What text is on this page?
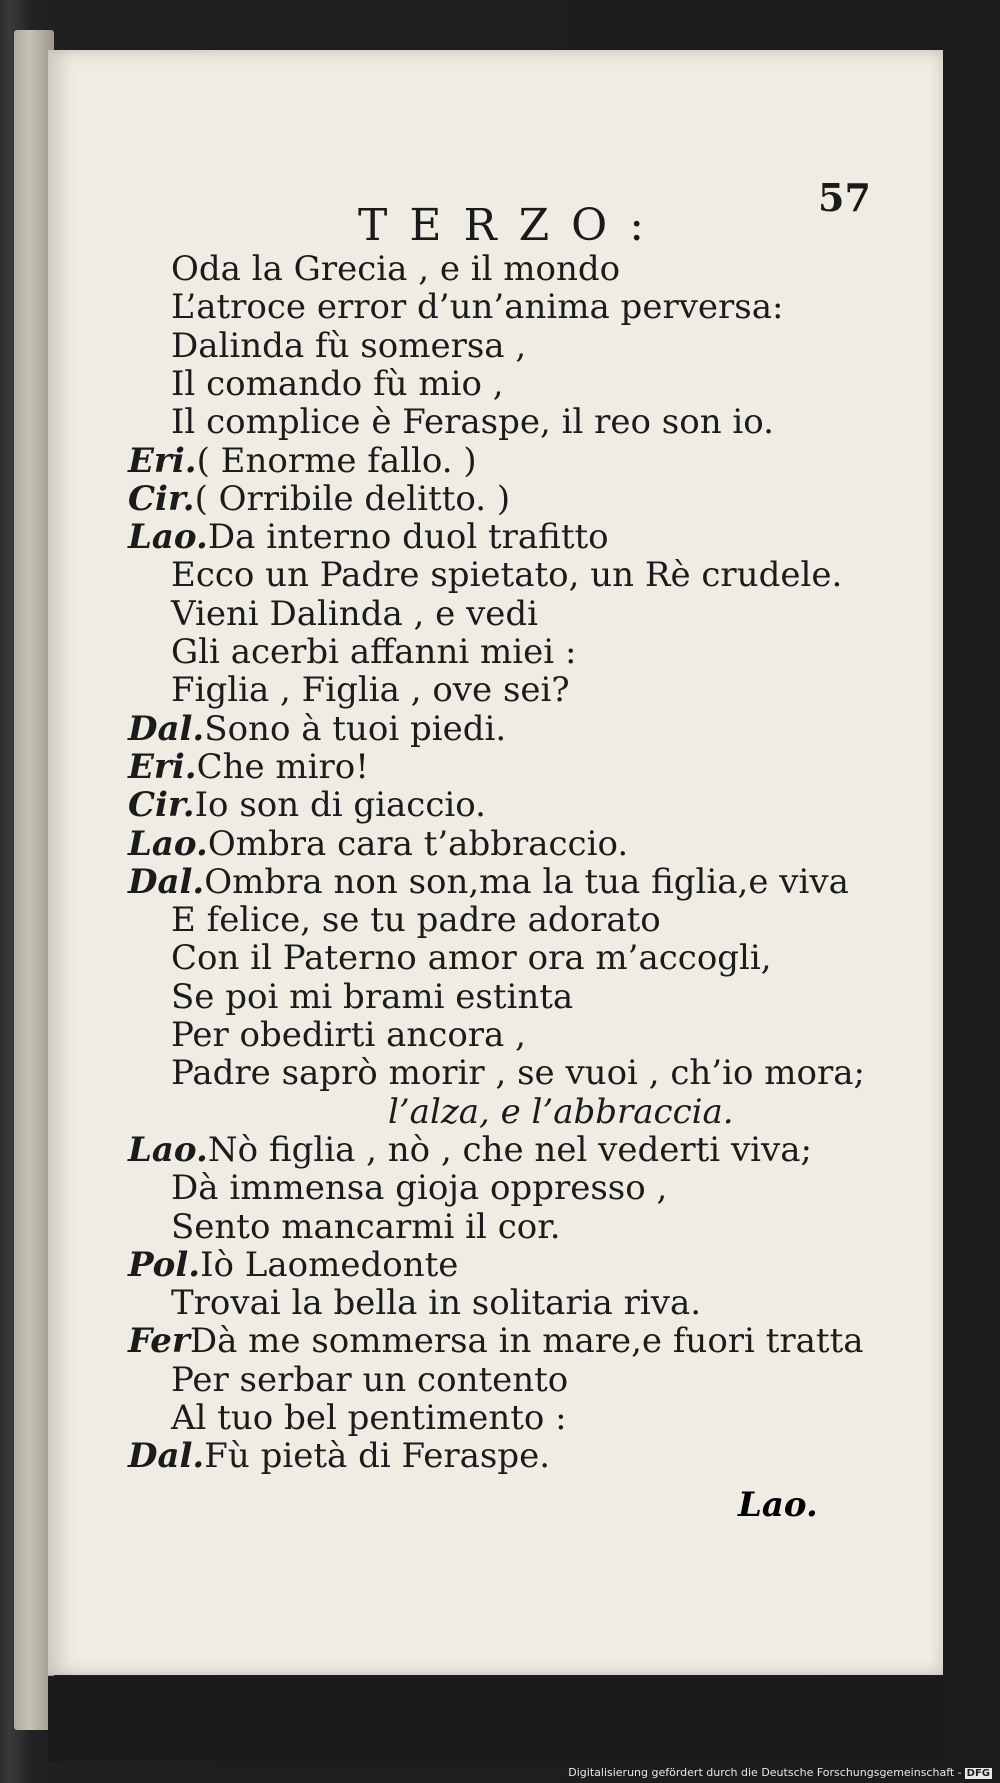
57
TERZO:
Oda la Grecia , e il mondo
L’atroce error d’un’anima perversa:
Dalinda fù somersa ,
Il comando fù mio ,
Il complice è Feraspe, il reo son io.
Eri.( Enorme fallo. )
Cir.( Orribile delitto. )
Lao.Da interno duol trafitto
Ecco un Padre spietato, un Rè crudele.
Vieni Dalinda , e vedi
Gli acerbi affanni miei :
Figlia , Figlia , ove sei?
Dal.Sono à tuoi piedi.
Eri.Che miro!
Cir.Io son di giaccio.
Lao.Ombra cara t’abbraccio.
Dal.Ombra non son,ma la tua figlia,e viva
E felice, se tu padre adorato
Con il Paterno amor ora m’accogli,
Se poi mi brami estinta
Per obedirti ancora ,
Padre saprò morir , se vuoi , ch’io mora;
l’alza, e l’abbraccia.
Lao.Nò figlia , nò , che nel vederti viva;
Dà immensa gioja oppresso ,
Sento mancarmi il cor.
Pol.Iò Laomedonte
Trovai la bella in solitaria riva.
FerDà me sommersa in mare,e fuori tratta
Per serbar un contento
Al tuo bel pentimento :
Dal.Fù pietà di Feraspe.
Lao.
Digitalisierung gefördert durch die Deutsche Forschungsgemeinschaft - DFG
